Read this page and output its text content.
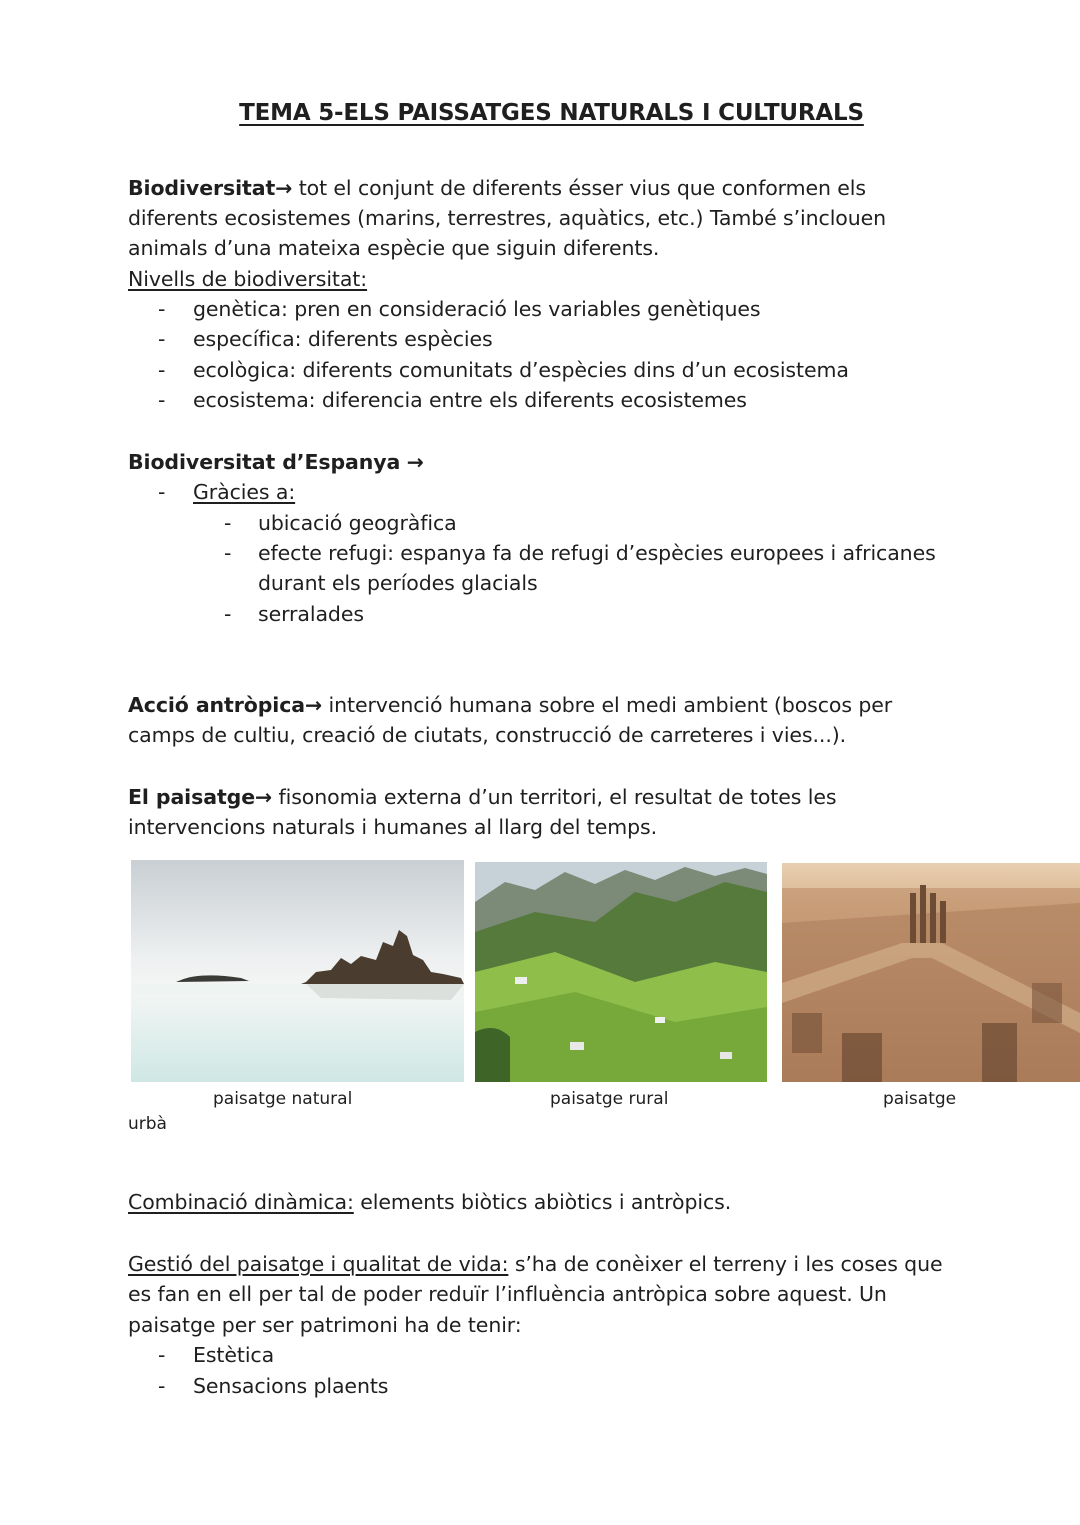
TEMA 5-ELS PAISSATGES NATURALS I CULTURALS
Biodiversitat→ tot el conjunt de diferents ésser vius que conformen els
diferents ecosistemes (marins, terrestres, aquàtics, etc.) També s’inclouen
animals d’una mateixa espècie que siguin diferents.
Nivells de biodiversitat:
- genètica: pren en consideració les variables genètiques
- específica: diferents espècies
- ecològica: diferents comunitats d’espècies dins d’un ecosistema
- ecosistema: diferencia entre els diferents ecosistemes
Biodiversitat d’Espanya →
- Gràcies a:
- ubicació geogràfica
- efecte refugi: espanya fa de refugi d’espècies europees i africanes
durant els períodes glacials
- serralades
Acció antròpica→ intervenció humana sobre el medi ambient (boscos per
camps de cultiu, creació de ciutats, construcció de carreteres i vies...).
El paisatge→ fisonomia externa d’un territori, el resultat de totes les
intervencions naturals i humanes al llarg del temps.
paisatge natural	paisatge rural	paisatge
urbà
Combinació dinàmica: elements biòtics abiòtics i antròpics.
Gestió del paisatge i qualitat de vida: s’ha de conèixer el terreny i les coses que
es fan en ell per tal de poder reduïr l’influència antròpica sobre aquest. Un
paisatge per ser patrimoni ha de tenir:
- Estètica
- Sensacions plaents
